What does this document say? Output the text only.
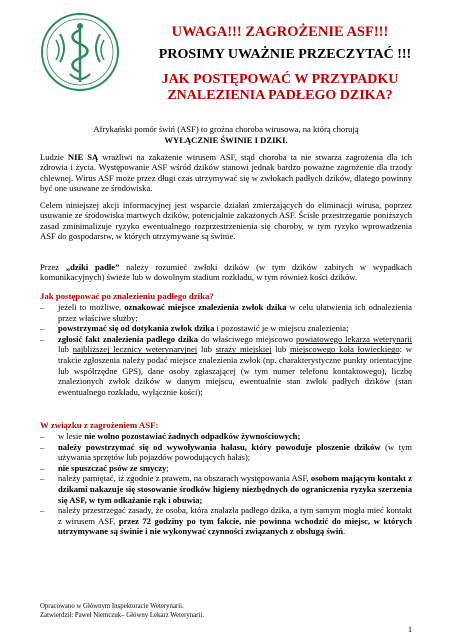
UWAGA!!! ZAGROŻENIE ASF!!!
PROSIMY UWAŻNIE PRZECZYTAĆ !!!
JAK POSTĘPOWAĆ W PRZYPADKU ZNALEZIENIA PADŁEGO DZIKA?
Afrykański pomór świń (ASF) to groźna choroba wirusowa, na którą chorują
WYŁĄCZNIE ŚWINIE I DZIKI.
Ludzie NIE SĄ wrażliwi na zakażenie wirusem ASF, stąd choroba ta nie stwarza zagrożenia dla ich zdrowia i życia. Występowanie ASF wśród dzików stanowi jednak bardzo poważne zagrożenie dla trzody chlewnej. Wirus ASF może przez długi czas utrzymywać się w zwłokach padłych dzików, dlatego powinny być one usuwane ze środowiska.
Celem niniejszej akcji informacyjnej jest wsparcie działań zmierzających do eliminacji wirusa, poprzez usuwanie ze środowiska martwych dzików, potencjalnie zakażonych ASF. Ścisłe przestrzeganie poniższych zasad zminimalizuje ryzyko ewentualnego rozprzestrzenienia się choroby, w tym ryzyko wprowadzenia ASF do gospodarstw, w których utrzymywane są świnie.
Przez „dziki padłe” należy rozumieć zwłoki dzików (w tym dzików zabitych w wypadkach komunikacyjnych) świeże lub w dowolnym stadium rozkładu, w tym również kości dzików.
Jak postępować po znalezieniu padłego dzika?
– jeżeli to możliwe, oznakować miejsce znalezienia zwłok dzika w celu ułatwienia ich odnalezienia przez właściwe służby;
– powstrzymać się od dotykania zwłok dzika i pozostawić je w miejscu znalezienia;
– zgłosić fakt znalezienia padłego dzika do właściwego miejscowo powiatowego lekarza weterynarii lub najbliższej lecznicy weterynaryjnej lub straży miejskiej lub miejscowego koła łowieckiego: w trakcie zgłoszenia należy podać miejsce znalezienia zwłok (np. charakterystyczne punkty orientacyjne lub współrzędne GPS), dane osoby zgłaszającej (w tym numer telefonu kontaktowego), liczbę znalezionych zwłok dzików w danym miejscu, ewentualnie stan zwłok padłych dzików (stan ewentualnego rozkładu, wyłącznie kości);
W związku z zagrożeniem ASF:
– w lesie nie wolno pozostawiać żadnych odpadków żywnościowych;
– należy powstrzymać się od wywoływania hałasu, który powoduje płoszenie dzików (w tym używania sprzętów lub pojazdów powodujących hałas);
– nie spuszczać psów ze smyczy;
– należy pamiętać, iż zgodnie z prawem, na obszarach występowania ASF, osobom mającym kontakt z dzikami nakazuje się stosowanie środków higieny niezbędnych do ograniczenia ryzyka szerzenia się ASF, w tym odkażanie rąk i obuwia;
– należy przestrzegać zasady, że osoba, która znalazła padłego dzika, a tym samym mogła mieć kontakt z wirusem ASF, przez 72 godziny po tym fakcie, nie powinna wchodzić do miejsc, w których utrzymywane są świnie i nie wykonywać czynności związanych z obsługą świń.
Opracowano w Głównym Inspektoracie Weterynarii.
Zatwierdził: Paweł Niemczuk– Główny Lekarz Weterynarii.
1
